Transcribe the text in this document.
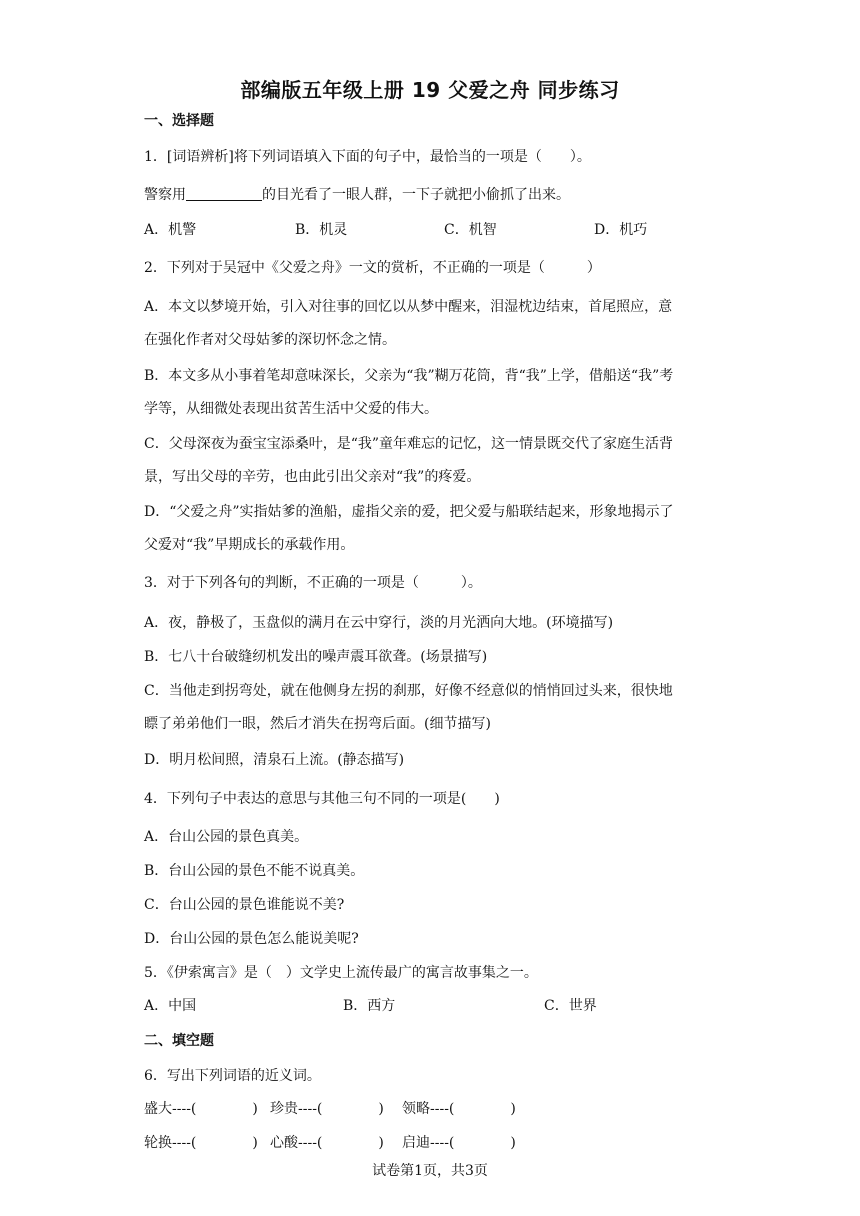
部编版五年级上册 19 父爱之舟 同步练习
一、选择题
1．[词语辨析]将下列词语填入下面的句子中，最恰当的一项是（　　）。
警察用	的目光看了一眼人群，一下子就把小偷抓了出来。
A．机警	B．机灵	C．机智	D．机巧
2．下列对于吴冠中《父爱之舟》一文的赏析，不正确的一项是（　　　）
A．本文以梦境开始，引入对往事的回忆以从梦中醒来，泪湿枕边结束，首尾照应，意
在强化作者对父母姑爹的深切怀念之情。
B．本文多从小事着笔却意味深长，父亲为“我”糊万花筒，背“我”上学，借船送“我”考
学等，从细微处表现出贫苦生活中父爱的伟大。
C．父母深夜为蚕宝宝添桑叶，是“我”童年难忘的记忆，这一情景既交代了家庭生活背
景，写出父母的辛劳，也由此引出父亲对“我”的疼爱。
D．“父爱之舟”实指姑爹的渔船，虚指父亲的爱，把父爱与船联结起来，形象地揭示了
父爱对“我”早期成长的承载作用。
3．对于下列各句的判断，不正确的一项是（　　　）。
A．夜，静极了，玉盘似的满月在云中穿行，淡的月光洒向大地。(环境描写)
B．七八十台破缝纫机发出的噪声震耳欲聋。(场景描写)
C．当他走到拐弯处，就在他侧身左拐的刹那，好像不经意似的悄悄回过头来，很快地
瞟了弟弟他们一眼，然后才消失在拐弯后面。(细节描写)
D．明月松间照，清泉石上流。(静态描写)
4．下列句子中表达的意思与其他三句不同的一项是(　　)
A．台山公园的景色真美。
B．台山公园的景色不能不说真美。
C．台山公园的景色谁能说不美?
D．台山公园的景色怎么能说美呢?
5．《伊索寓言》是（　）文学史上流传最广的寓言故事集之一。
A．中国	B．西方	C．世界
二、填空题
6．写出下列词语的近义词。
盛大----(　　　　) 珍贵----(　　　　) 领略----(　　　　)
轮换----(　　　　) 心酸----(　　　　) 启迪----(　　　　)
试卷第1页，共3页
